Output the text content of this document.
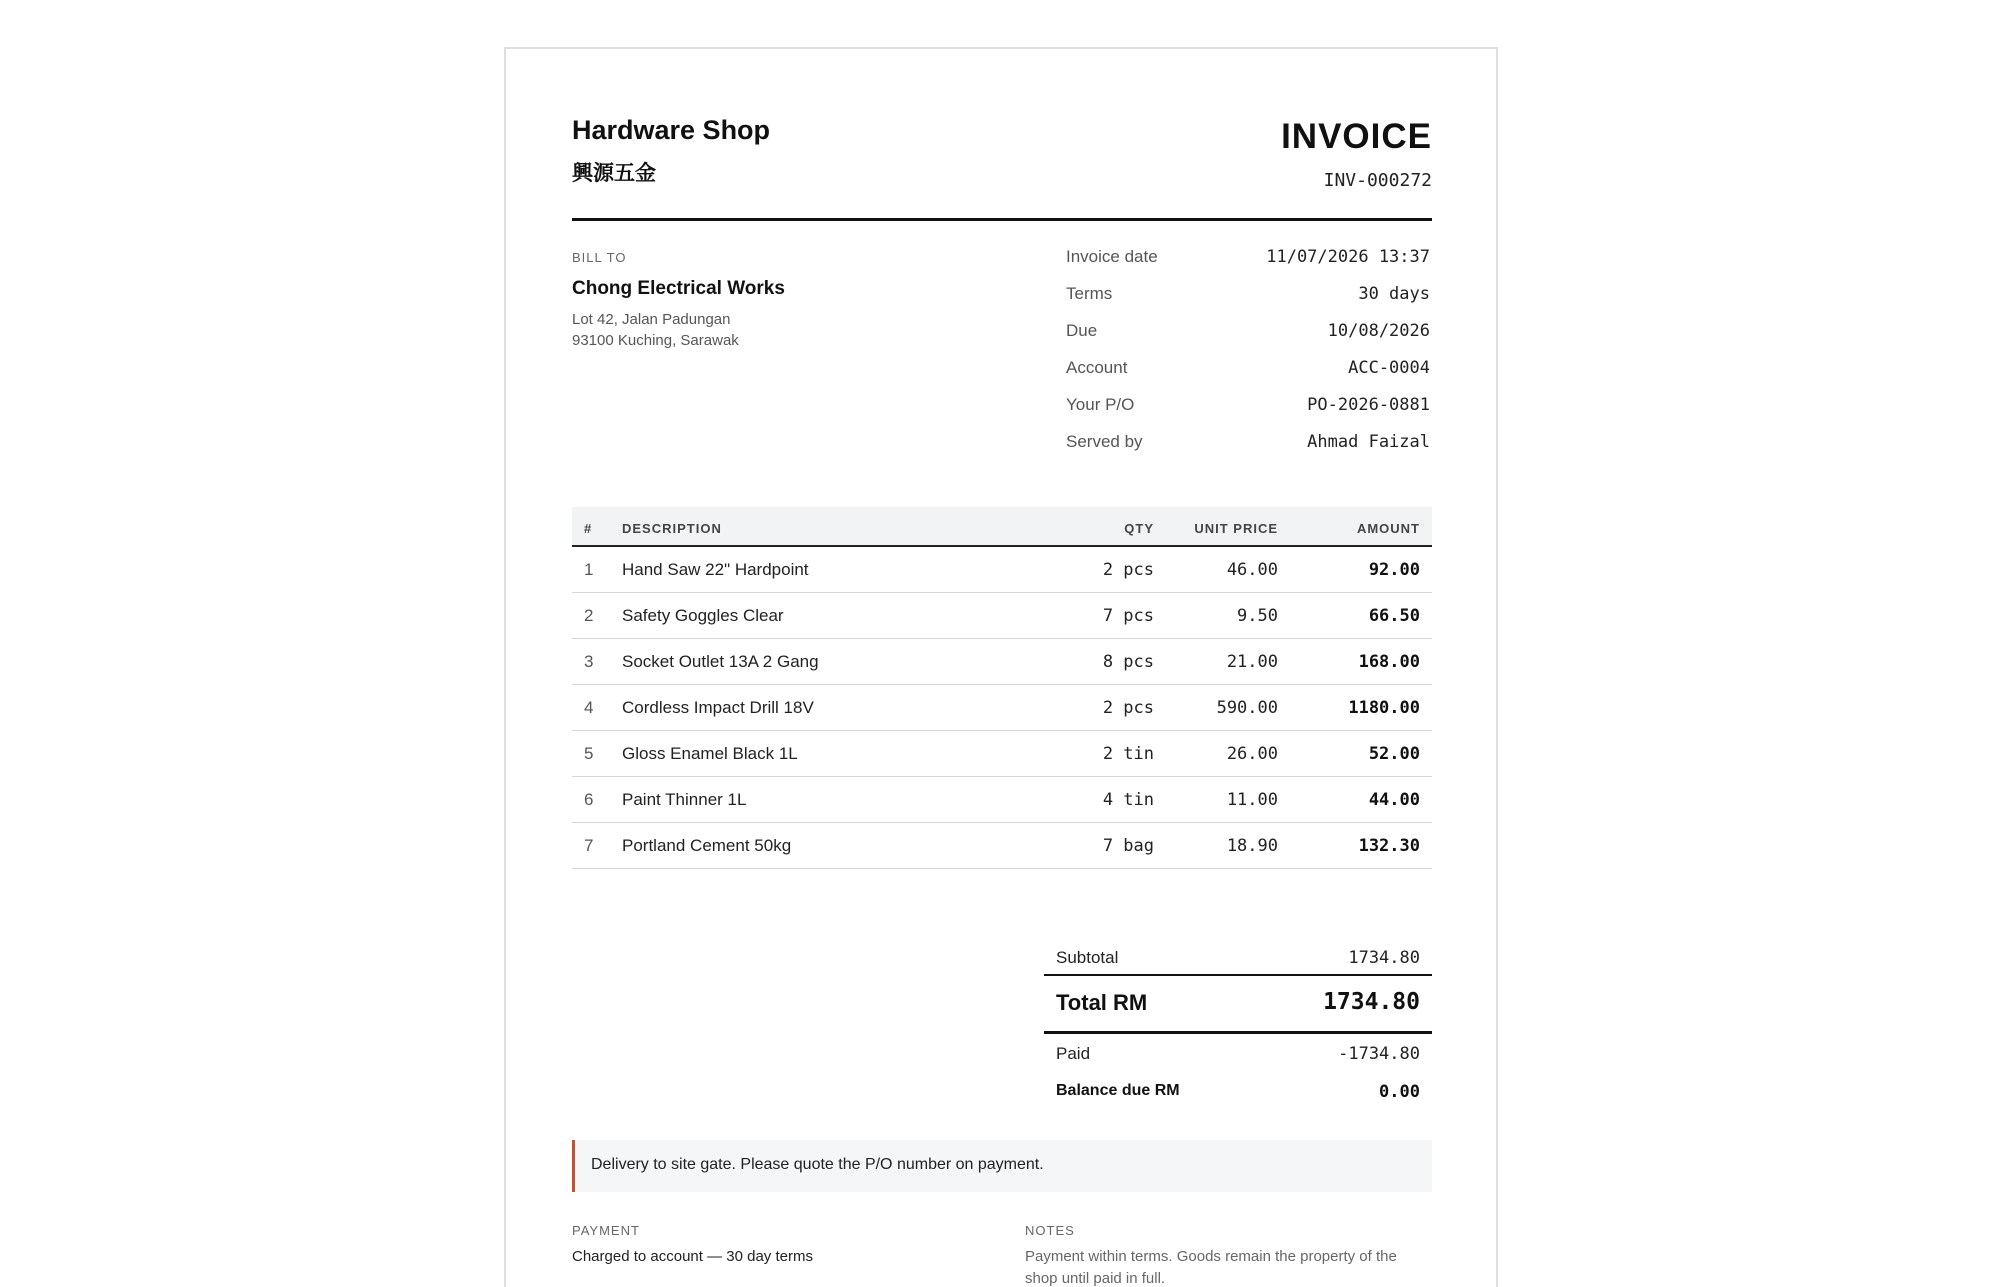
Hardware Shop
興源五金
INVOICE
INV-000272
BILL TO
Chong Electrical Works
Lot 42, Jalan Padungan
93100 Kuching, Sarawak
Invoice date	11/07/2026 13:37
Terms	30 days
Due	10/08/2026
Account	ACC-0004
Your P/O	PO-2026-0881
Served by	Ahmad Faizal
# DESCRIPTION	QTY	UNIT PRICE	AMOUNT
1 Hand Saw 22" Hardpoint	2 pcs	46.00	92.00
2 Safety Goggles Clear	7 pcs	9.50	66.50
3 Socket Outlet 13A 2 Gang	8 pcs	21.00	168.00
4 Cordless Impact Drill 18V	2 pcs	590.00	1180.00
5 Gloss Enamel Black 1L	2 tin	26.00	52.00
6 Paint Thinner 1L	4 tin	11.00	44.00
7 Portland Cement 50kg	7 bag	18.90	132.30
Subtotal	1734.80
Total RM	1734.80
Paid	-1734.80
Balance due RM	0.00
Delivery to site gate. Please quote the P/O number on payment.
PAYMENT
Charged to account — 30 day terms
NOTES
Payment within terms. Goods remain the property of the
shop until paid in full.
